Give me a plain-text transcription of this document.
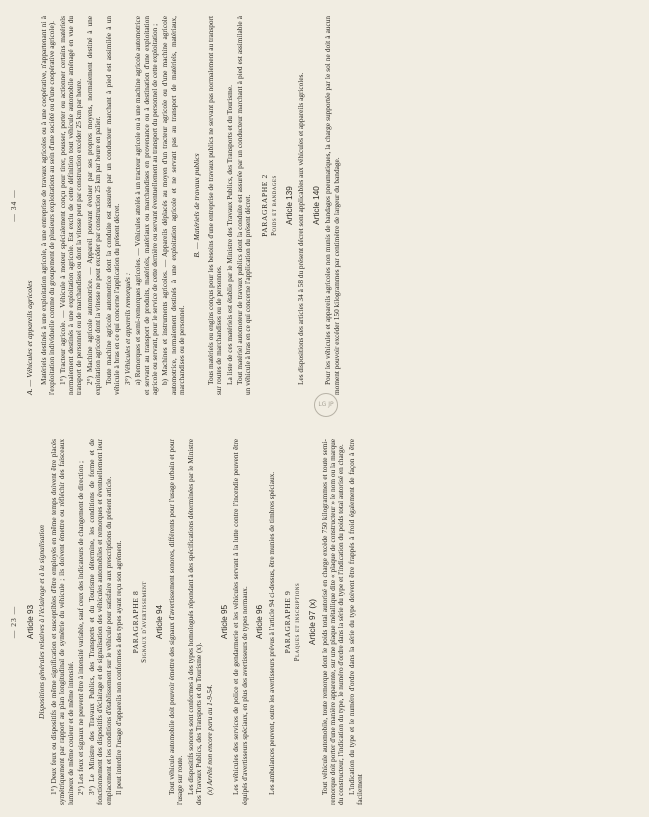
— 23 — Article 93 Dispositions générales relatives à l'éclairage et à la signalisation 1°) Deux feux ou dispositifs de même signification et susceptibles d'être employés en même temps doivent être placés symétriquement par rapport au plan longitudinal de symétrie du véhicule ; ils doivent émettre ou réfléchir des faisceaux lumineux de même couleur et de même intensité. 2°) Les feux et signaux ne peuvent être à intensité variable, sauf ceux des indicateurs de changement de direction ; 3°) Le Ministre des Travaux Publics, des Transports et du Tourisme détermine, les conditions de forme et de fonctionnement des dispositifs d'éclairage et de signalisation des véhicules automobiles et remorques et éventuellement leur emplacement et les conditions d'établissement sur le véhicule pour satisfaire aux prescriptions du présent article. Il peut interdire l'usage d'appareils non conformes à des types ayant reçu son agrément. PARAGRAPHE 8 Signaux d'avertissement Article 94 Tout véhicule automobile doit pouvoir émettre des signaux d'avertissement sonores, différents pour l'usage urbain et pour l'usage sur route. Les dispositifs sonores sont conformes à des types homologués répondant à des spécifications déterminées par le Ministre des Travaux Publics, des Transports et du Tourisme (x). (x) Arrêté non encore paru au 1-9-54.

Article 95 Les véhicules des services de police et de gendarmerie et les véhicules servant à la lutte contre l'incendie peuvent être équipés d'avertisseurs spéciaux, en plus des avertisseurs de types normaux. Article 96 Les ambulances peuvent, outre les avertisseurs prévus à l'article 94 ci-dessus, être munies de timbres spéciaux. PARAGRAPHE 9 Plaques et inscriptions Article 97 (x) Tout véhicule automobile, toute remorque dont le poids total autorisé en charge excède 750 kilogrammes et toute semi-remorque doit porter d'une manière apparente, sur une plaque métallique dite « plaque de constructeur » le nom ou la marque du constructeur, l'indication du type, le numéro d'ordre dans la série du type et l'indication du poids total autorisé en charge. L'indication du type et le numéro d'ordre dans la série du type doivent être frappés à froid également de façon à être facilement

LG JP
— 34 —
A. — Véhicules et appareils agricoles Matériels destinés à une exploitation agricole, à une entreprise de travaux agricoles ou à une coopérative, n'appartenant ni à l'exploitation individuelle comme du groupement de plusieurs exploitations au sein d'une société ou d'une coopérative agricole). 1°) Tracteur agricole. — Véhicule à moteur spécialement conçu pour tirer, pousser, porter ou actionner certains matériels normalement destinés à une exploitation agricole. Est exclu de cette définition tout véhicule automobile aménagé en vue du transport de personnel ou de marchandises ou dont la vitesse peut par construction excéder 25 km par heure. 2°) Machine agricole automotrice. — Appareil pouvant évoluer par ses propres moyens, normalement destiné à une exploitation agricole dont la vitesse ne peut excéder par construction 25 km par heure en palier. Toute machine agricole automotrice dont la conduite est assurée par un conducteur marchant à pied est assimilée à un véhicule à bras en ce qui concerne l'application du présent décret. 3°) Véhicules et appareils remorqués : a) Remorques et semi-remorques agricoles. — Véhicules attelés à un tracteur agricole ou à une machine agricole automotrice et servant au transport de produits, matériels, matériaux ou marchandises en provenance ou à destination d'une exploitation agricole ou servant, pour le service de cette dernière ou servant éventuellement au transport du personnel de cette exploitation ; b) Machines et instruments agricoles. — Appareils déplacés au moyen d'un tracteur agricole ou d'une machine agricole automotrice, normalement destinés à une exploitation agricole et ne servant pas au transport de matériels, matériaux, marchandises ou de personnel.

B. — Matériels de travaux publics Tous matériels ou engins conçus pour les besoins d'une entreprise de travaux publics ne servant pas normalement au transport sur routes de marchandises ou de personnes. La liste de ces matériels est établie par le Ministre des Travaux Publics, des Transports et du Tourisme. Tout matériel automoteur de travaux publics dont la conduite est assurée par un conducteur marchant à pied est assimilable à un véhicule à bras en ce qui concerne l'application du présent décret. PARAGRAPHE 2 Poids et bandages Article 139 Les dispositions des articles 34 à 58 du présent décret sont applicables aux véhicules et appareils agricoles. Article 140 Pour les véhicules et appareils agricoles non munis de bandages pneumatiques, la charge supportée par le sol ne doit à aucun moment pouvoir excéder 150 kilogrammes par centimètre de largeur du bandage.
